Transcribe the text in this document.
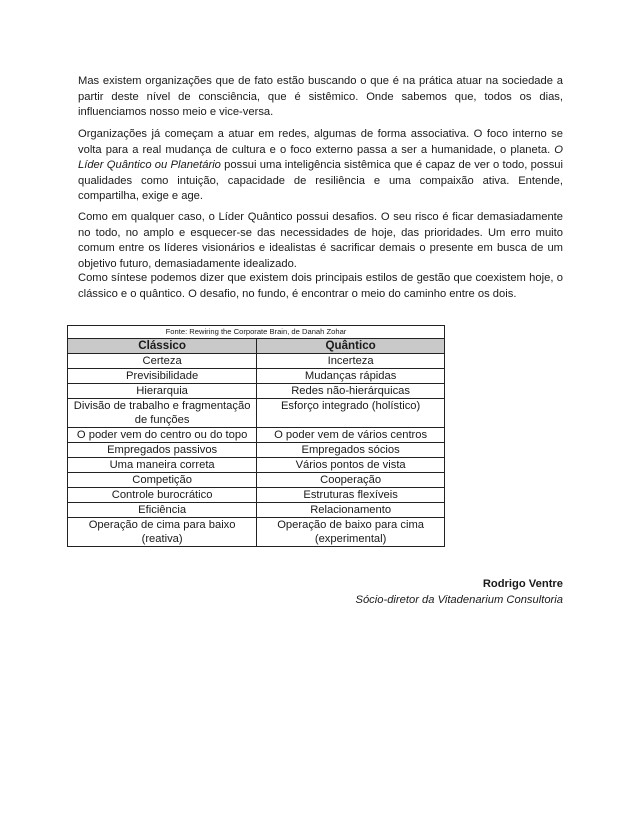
Mas existem organizações que de fato estão buscando o que é na prática atuar na sociedade a partir deste nível de consciência, que é sistêmico. Onde sabemos que, todos os dias, influenciamos nosso meio e vice-versa.

Organizações já começam a atuar em redes, algumas de forma associativa. O foco interno se volta para a real mudança de cultura e o foco externo passa a ser a humanidade, o planeta. O Líder Quântico ou Planetário possui uma inteligência sistêmica que é capaz de ver o todo, possui qualidades como intuição, capacidade de resiliência e uma compaixão ativa. Entende, compartilha, exige e age.

Como em qualquer caso, o Líder Quântico possui desafios. O seu risco é ficar demasiadamente no todo, no amplo e esquecer-se das necessidades de hoje, das prioridades. Um erro muito comum entre os líderes visionários e idealistas é sacrificar demais o presente em busca de um objetivo futuro, demasiadamente idealizado.

Como síntese podemos dizer que existem dois principais estilos de gestão que coexistem hoje, o clássico e o quântico. O desafio, no fundo, é encontrar o meio do caminho entre os dois.

Fonte: Rewiring the Corporate Brain, de Danah Zohar	
Clássico	Quântico
Certeza	Incerteza
Previsibilidade	Mudanças rápidas
Hierarquia	Redes não-hierárquicas
Divisão de trabalho e fragmentação de funções	Esforço integrado (holístico)
O poder vem do centro ou do topo	O poder vem de vários centros
Empregados passivos	Empregados sócios
Uma maneira correta	Vários pontos de vista
Competição	Cooperação
Controle burocrático	Estruturas flexíveis
Eficiência	Relacionamento
Operação de cima para baixo (reativa)	Operação de baixo para cima (experimental)
Rodrigo Ventre
Sócio-diretor da Vitadenarium Consultoria
